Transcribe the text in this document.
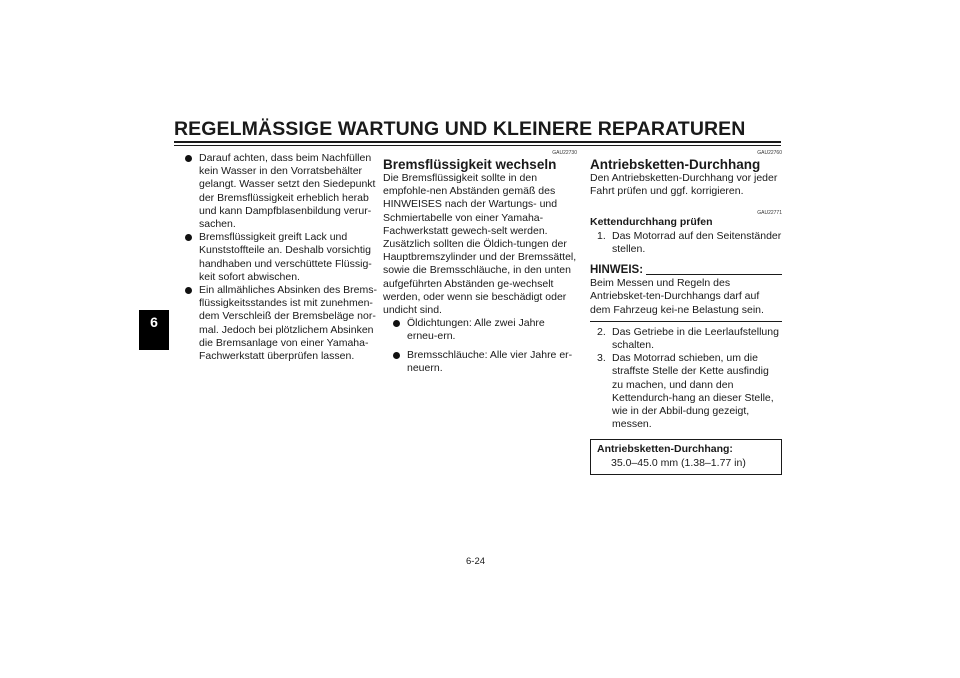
REGELMÄSSIGE WARTUNG UND KLEINERE REPARATUREN
6
Darauf achten, dass beim Nachfüllen kein Wasser in den Vorratsbehälter gelangt. Wasser setzt den Siedepunkt der Bremsflüssigkeit erheblich herab und kann Dampfblasenbildung verur-sachen.
Bremsflüssigkeit greift Lack und Kunststoffteile an. Deshalb vorsichtig handhaben und verschüttete Flüssig-keit sofort abwischen.
Ein allmähliches Absinken des Brems-flüssigkeitsstandes ist mit zunehmen-dem Verschleiß der Bremsbeläge nor-mal. Jedoch bei plötzlichem Absinken die Bremsanlage von einer Yamaha-Fachwerkstatt überprüfen lassen.
GAU22730
Bremsflüssigkeit wechseln
Die Bremsflüssigkeit sollte in den empfohle-nen Abständen gemäß des HINWEISES nach der Wartungs- und Schmiertabelle von einer Yamaha-Fachwerkstatt gewech-selt werden. Zusätzlich sollten die Öldich-tungen der Hauptbremszylinder und der Bremssättel, sowie die Bremsschläuche, in den unten aufgeführten Abständen ge-wechselt werden, oder wenn sie beschädigt oder undicht sind.
Öldichtungen: Alle zwei Jahre erneu-ern.
Bremsschläuche: Alle vier Jahre er-neuern.
GAU22760
Antriebsketten-Durchhang
Den Antriebsketten-Durchhang vor jeder Fahrt prüfen und ggf. korrigieren.
GAU22771
Kettendurchhang prüfen
1. Das Motorrad auf den Seitenständer stellen.
HINWEIS:
Beim Messen und Regeln des Antriebsket-ten-Durchhangs darf auf dem Fahrzeug kei-ne Belastung sein.
2. Das Getriebe in die Leerlaufstellung schalten.
3. Das Motorrad schieben, um die straffste Stelle der Kette ausfindig zu machen, und dann den Kettendurch-hang an dieser Stelle, wie in der Abbil-dung gezeigt, messen.
Antriebsketten-Durchhang:
35.0–45.0 mm (1.38–1.77 in)
6-24
